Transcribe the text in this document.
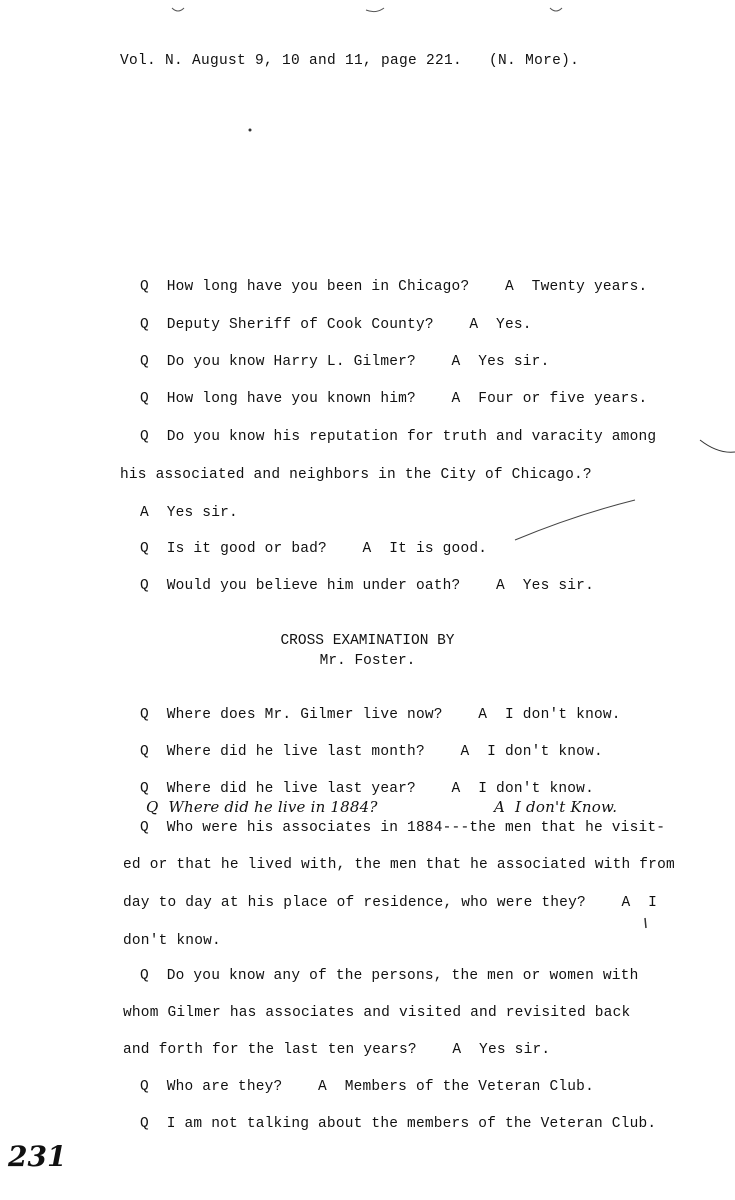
Vol. N. August 9, 10 and 11, page 221.   (N. More).
Q  How long have you been in Chicago?    A  Twenty years.
Q  Deputy Sheriff of Cook County?    A  Yes.
Q  Do you know Harry L. Gilmer?    A  Yes sir.
Q  How long have you known him?    A  Four or five years.
Q  Do you know his reputation for truth and varacity among
his associated and neighbors in the City of Chicago.?
A  Yes sir.
Q  Is it good or bad?    A  It is good.
Q  Would you believe him under oath?    A  Yes sir.
CROSS EXAMINATION BY
Mr. Foster.
Q  Where does Mr. Gilmer live now?    A  I don't know.
Q  Where did he live last month?    A  I don't know.
Q  Where did he live last year?    A  I don't know.
Q  Where did he live in 1884?	A  I don't Know.
Q  Who were his associates in 1884---the men that he visit-
ed or that he lived with, the men that he associated with from
day to day at his place of residence, who were they?    A  I
don't know.
Q  Do you know any of the persons, the men or women with
whom Gilmer has associates and visited and revisited back
and forth for the last ten years?    A  Yes sir.
Q  Who are they?    A  Members of the Veteran Club.
Q  I am not talking about the members of the Veteran Club.
231
